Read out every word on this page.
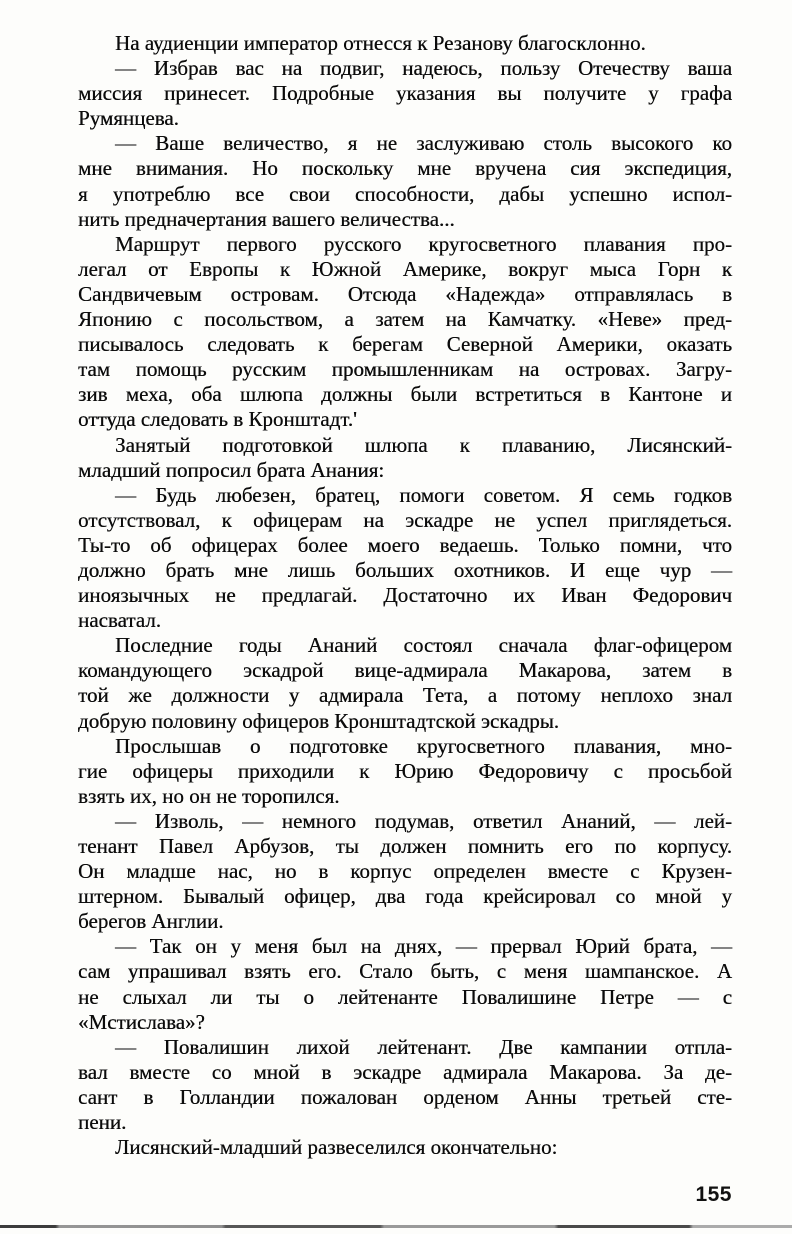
На аудиенции император отнесся к Резанову благосклонно.
— Избрав вас на подвиг, надеюсь, пользу Отечеству ваша
миссия принесет. Подробные указания вы получите у графа
Румянцева.
— Ваше величество, я не заслуживаю столь высокого ко
мне внимания. Но поскольку мне вручена сия экспедиция,
я употреблю все свои способности, дабы успешно испол-
нить предначертания вашего величества...
Маршрут первого русского кругосветного плавания про-
легал от Европы к Южной Америке, вокруг мыса Горн к
Сандвичевым островам. Отсюда «Надежда» отправлялась в
Японию с посольством, а затем на Камчатку. «Неве» пред-
писывалось следовать к берегам Северной Америки, оказать
там помощь русским промышленникам на островах. Загру-
зив меха, оба шлюпа должны были встретиться в Кантоне и
оттуда следовать в Кронштадт.'
Занятый подготовкой шлюпа к плаванию, Лисянский-
младший попросил брата Анания:
— Будь любезен, братец, помоги советом. Я семь годков
отсутствовал, к офицерам на эскадре не успел приглядеться.
Ты-то об офицерах более моего ведаешь. Только помни, что
должно брать мне лишь больших охотников. И еще чур —
иноязычных не предлагай. Достаточно их Иван Федорович
насватал.
Последние годы Ананий состоял сначала флаг-офицером
командующего эскадрой вице-адмирала Макарова, затем в
той же должности у адмирала Тета, а потому неплохо знал
добрую половину офицеров Кронштадтской эскадры.
Прослышав о подготовке кругосветного плавания, мно-
гие офицеры приходили к Юрию Федоровичу с просьбой
взять их, но он не торопился.
— Изволь, — немного подумав, ответил Ананий, — лей-
тенант Павел Арбузов, ты должен помнить его по корпусу.
Он младше нас, но в корпус определен вместе с Крузен-
штерном. Бывалый офицер, два года крейсировал со мной у
берегов Англии.
— Так он у меня был на днях, — прервал Юрий брата, —
сам упрашивал взять его. Стало быть, с меня шампанское. А
не слыхал ли ты о лейтенанте Повалишине Петре — с
«Мстислава»?
— Повалишин лихой лейтенант. Две кампании отпла-
вал вместе со мной в эскадре адмирала Макарова. За де-
сант в Голландии пожалован орденом Анны третьей сте-
пени.
Лисянский-младший развеселился окончательно:
155
